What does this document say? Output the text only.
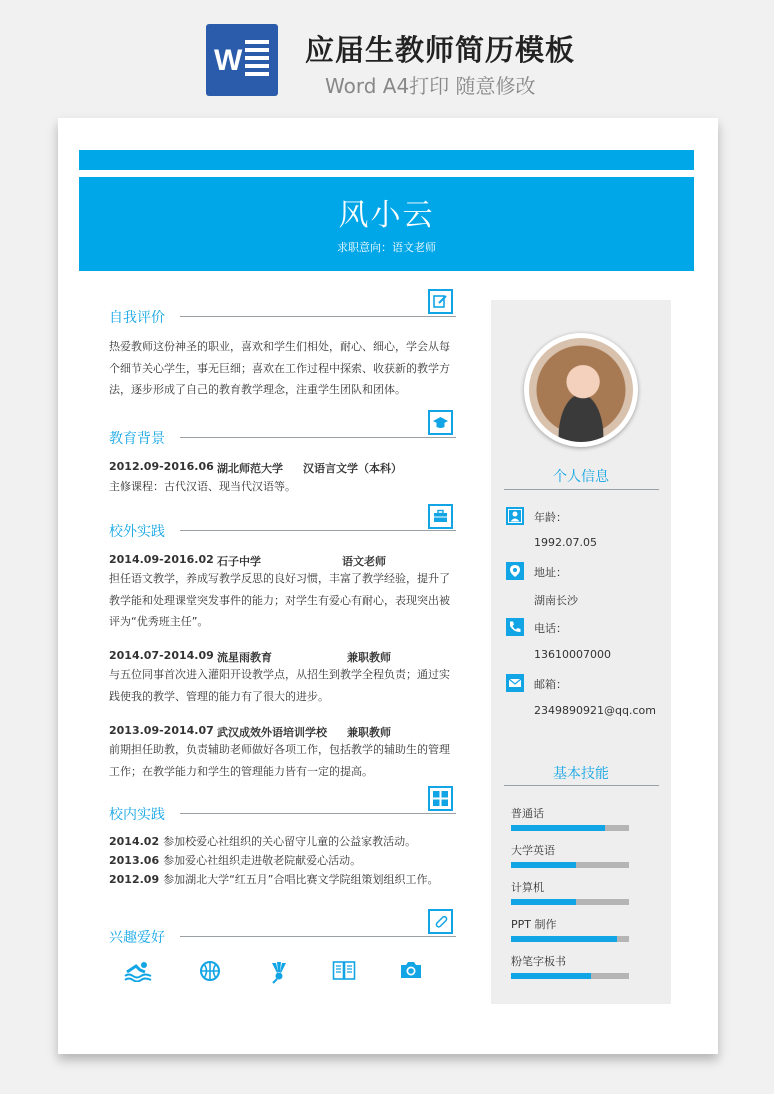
W 应届生教师简历模板
Word A4打印 随意修改
风小云
求职意向：语文老师
自我评价
热爱教师这份神圣的职业，喜欢和学生们相处，耐心、细心，学会从每
个细节关心学生，事无巨细；喜欢在工作过程中探索、收获新的教学方
法，逐步形成了自己的教育教学理念，注重学生团队和团体。
教育背景
2012.09-2016.06 湖北师范大学 汉语言文学（本科）
主修课程：古代汉语、现当代汉语等。
校外实践
2014.09-2016.02 石子中学	语文老师
担任语文教学，养成写教学反思的良好习惯，丰富了教学经验，提升了
教学能和处理课堂突发事件的能力；对学生有爱心有耐心，表现突出被
评为“优秀班主任”。
2014.07-2014.09 流星雨教育	兼职教师
与五位同事首次进入灌阳开设教学点，从招生到教学全程负责；通过实
践使我的教学、管理的能力有了很大的进步。
2013.09-2014.07 武汉成效外语培训学校 兼职教师
前期担任助教，负责辅助老师做好各项工作，包括教学的辅助生的管理
工作；在教学能力和学生的管理能力皆有一定的提高。
校内实践
2014.02 参加校爱心社组织的关心留守儿童的公益家教活动。
2013.06 参加爱心社组织走进敬老院献爱心活动。
2012.09 参加湖北大学“红五月”合唱比赛文学院组策划组织工作。
兴趣爱好
个人信息
年龄：
1992.07.05
地址：
湖南长沙
电话：
13610007000
邮箱：
2349890921@qq.com
基本技能
普通话
大学英语
计算机
PPT 制作
粉笔字板书
